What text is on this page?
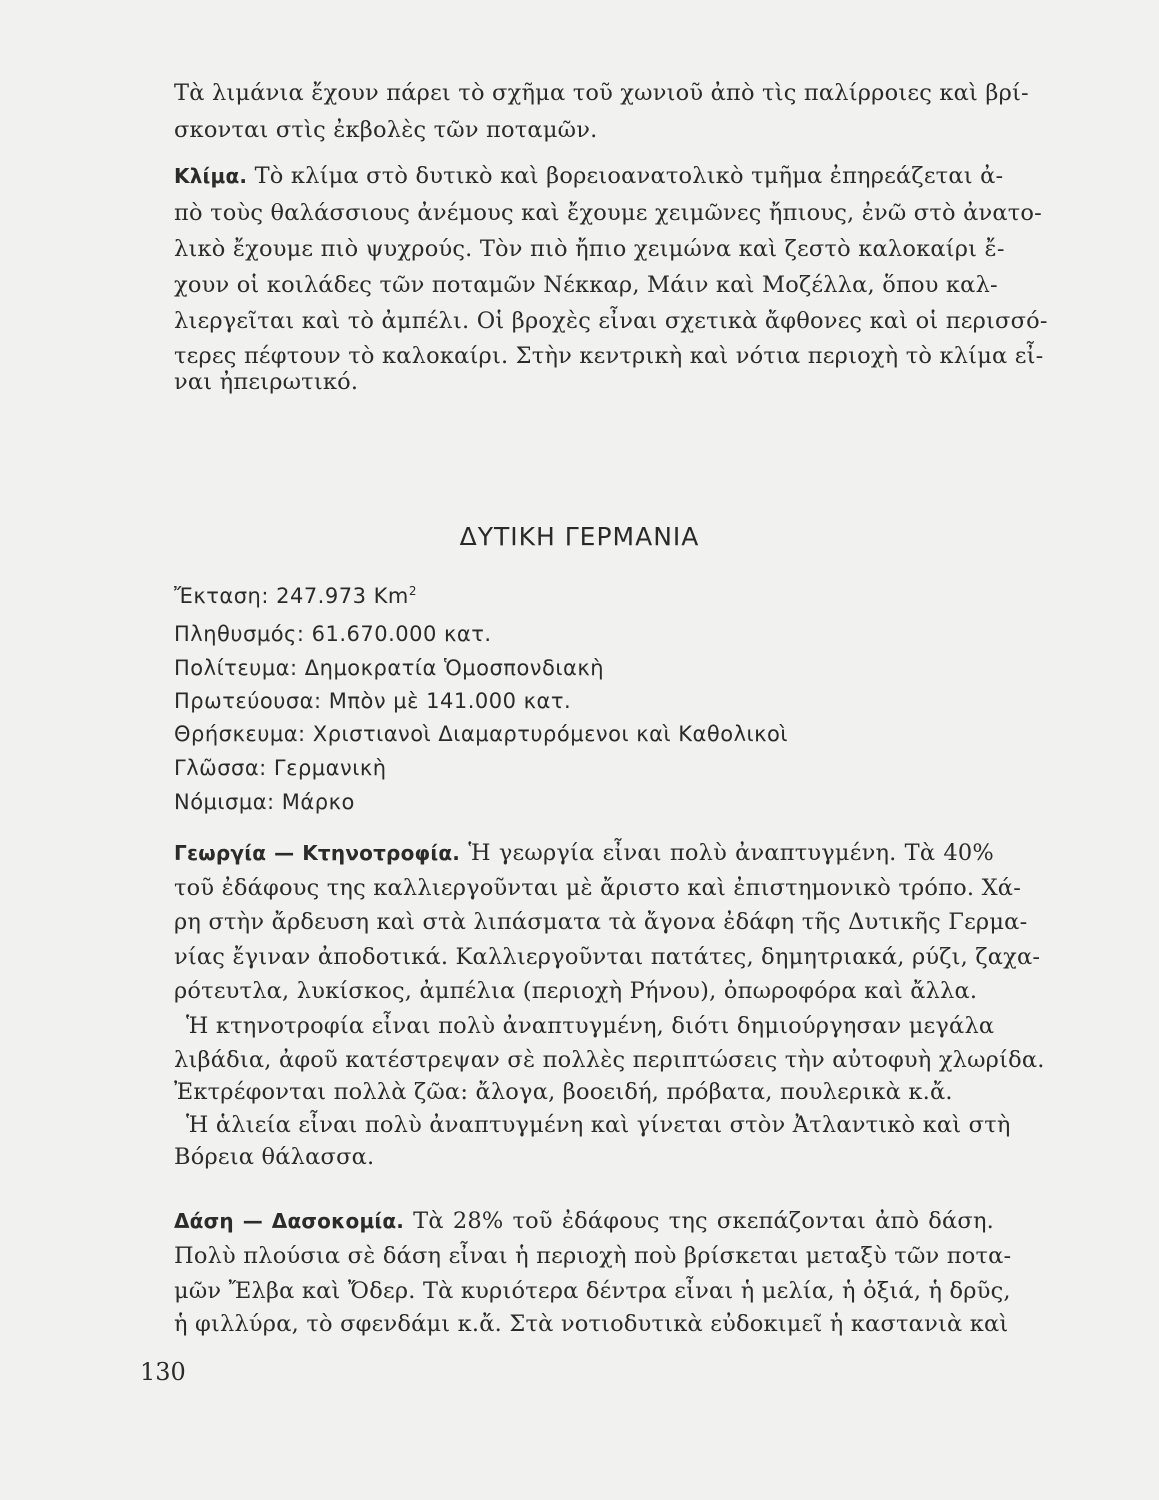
Τὰ λιμάνια ἔχουν πάρει τὸ σχῆμα τοῦ χωνιοῦ ἀπὸ τὶς παλίρροιες καὶ βρί-
σκονται στὶς ἐκβολὲς τῶν ποταμῶν.
Κλίμα. Τὸ κλίμα στὸ δυτικὸ καὶ βορειοανατολικὸ τμῆμα ἐπηρεάζεται ἀ-
πὸ τοὺς θαλάσσιους ἀνέμους καὶ ἔχουμε χειμῶνες ἤπιους, ἐνῶ στὸ ἀνατο-
λικὸ ἔχουμε πιὸ ψυχρούς. Τὸν πιὸ ἤπιο χειμώνα καὶ ζεστὸ καλοκαίρι ἔ-
χουν οἱ κοιλάδες τῶν ποταμῶν Νέκκαρ, Μάιν καὶ Μοζέλλα, ὅπου καλ-
λιεργεῖται καὶ τὸ ἀμπέλι. Οἱ βροχὲς εἶναι σχετικὰ ἄφθονες καὶ οἱ περισσό-
τερες πέφτουν τὸ καλοκαίρι. Στὴν κεντρικὴ καὶ νότια περιοχὴ τὸ κλίμα εἶ-
ναι ἠπειρωτικό.
ΔΥΤΙΚΗ ΓΕΡΜΑΝΙΑ
Ἔκταση: 247.973 Km$^2$
Πληθυσμός: 61.670.000 κατ.
Πολίτευμα: Δημοκρατία Ὁμοσπονδιακὴ
Πρωτεύουσα: Μπὸν μὲ 141.000 κατ.
Θρήσκευμα: Χριστιανοὶ Διαμαρτυρόμενοι καὶ Καθολικοὶ
Γλῶσσα: Γερμανικὴ
Νόμισμα: Μάρκο
Γεωργία — Κτηνοτροφία. Ἡ γεωργία εἶναι πολὺ ἀναπτυγμένη. Τὰ 40%
τοῦ ἐδάφους της καλλιεργοῦνται μὲ ἄριστο καὶ ἐπιστημονικὸ τρόπο. Χά-
ρη στὴν ἄρδευση καὶ στὰ λιπάσματα τὰ ἄγονα ἐδάφη τῆς Δυτικῆς Γερμα-
νίας ἔγιναν ἀποδοτικά. Καλλιεργοῦνται πατάτες, δημητριακά, ρύζι, ζαχα-
ρότευτλα, λυκίσκος, ἀμπέλια (περιοχὴ Ρήνου), ὀπωροφόρα καὶ ἄλλα.
Ἡ κτηνοτροφία εἶναι πολὺ ἀναπτυγμένη, διότι δημιούργησαν μεγάλα
λιβάδια, ἀφοῦ κατέστρεψαν σὲ πολλὲς περιπτώσεις τὴν αὐτοφυὴ χλωρίδα.
Ἐκτρέφονται πολλὰ ζῶα: ἄλογα, βοοειδή, πρόβατα, πουλερικὰ κ.ἄ.
Ἡ ἁλιεία εἶναι πολὺ ἀναπτυγμένη καὶ γίνεται στὸν Ἀτλαντικὸ καὶ στὴ
Βόρεια θάλασσα.
Δάση — Δασοκομία. Τὰ 28% τοῦ ἐδάφους της σκεπάζονται ἀπὸ δάση.
Πολὺ πλούσια σὲ δάση εἶναι ἡ περιοχὴ ποὺ βρίσκεται μεταξὺ τῶν ποτα-
μῶν Ἔλβα καὶ Ὄδερ. Τὰ κυριότερα δέντρα εἶναι ἡ μελία, ἡ ὀξιά, ἡ δρῦς,
ἡ φιλλύρα, τὸ σφενδάμι κ.ἄ. Στὰ νοτιοδυτικὰ εὐδοκιμεῖ ἡ καστανιὰ καὶ
130
